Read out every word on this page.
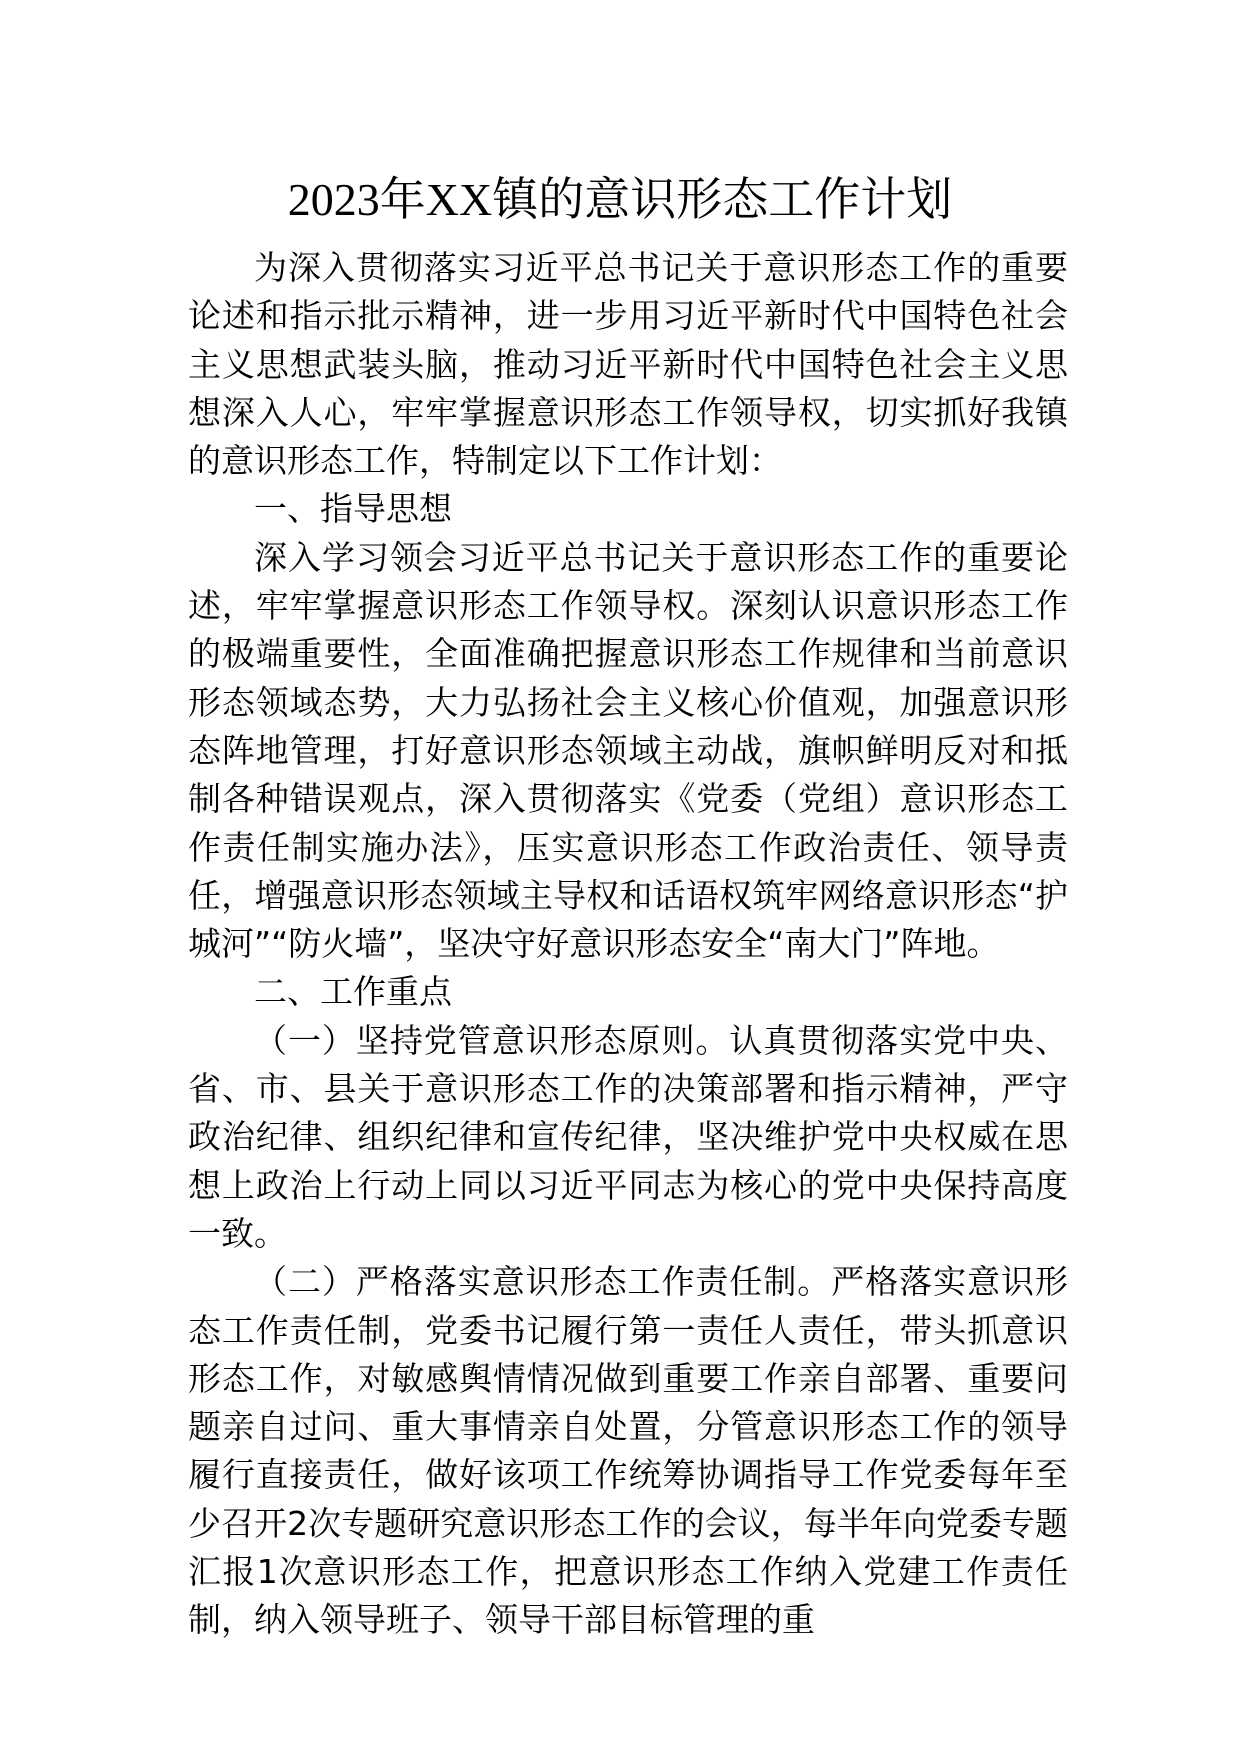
2023年XX镇的意识形态工作计划

为深入贯彻落实习近平总书记关于意识形态工作的重要论述和指示批示精神，进一步用习近平新时代中国特色社会主义思想武装头脑，推动习近平新时代中国特色社会主义思想深入人心，牢牢掌握意识形态工作领导权，切实抓好我镇的意识形态工作，特制定以下工作计划：

一、指导思想

深入学习领会习近平总书记关于意识形态工作的重要论述，牢牢掌握意识形态工作领导权。深刻认识意识形态工作的极端重要性，全面准确把握意识形态工作规律和当前意识形态领域态势，大力弘扬社会主义核心价值观，加强意识形态阵地管理，打好意识形态领域主动战，旗帜鲜明反对和抵制各种错误观点，深入贯彻落实《党委（党组）意识形态工作责任制实施办法》，压实意识形态工作政治责任、领导责任，增强意识形态领域主导权和话语权筑牢网络意识形态“护城河”“防火墙”，坚决守好意识形态安全“南大门”阵地。

二、工作重点

（一）坚持党管意识形态原则。认真贯彻落实党中央、省、市、县关于意识形态工作的决策部署和指示精神，严守政治纪律、组织纪律和宣传纪律，坚决维护党中央权威在思想上政治上行动上同以习近平同志为核心的党中央保持高度一致。

（二）严格落实意识形态工作责任制。严格落实意识形态工作责任制，党委书记履行第一责任人责任，带头抓意识形态工作，对敏感舆情情况做到重要工作亲自部署、重要问题亲自过问、重大事情亲自处置，分管意识形态工作的领导履行直接责任，做好该项工作统筹协调指导工作党委每年至少召开2次专题研究意识形态工作的会议，每半年向党委专题汇报1次意识形态工作，把意识形态工作纳入党建工作责任制，纳入领导班子、领导干部目标管理的重
